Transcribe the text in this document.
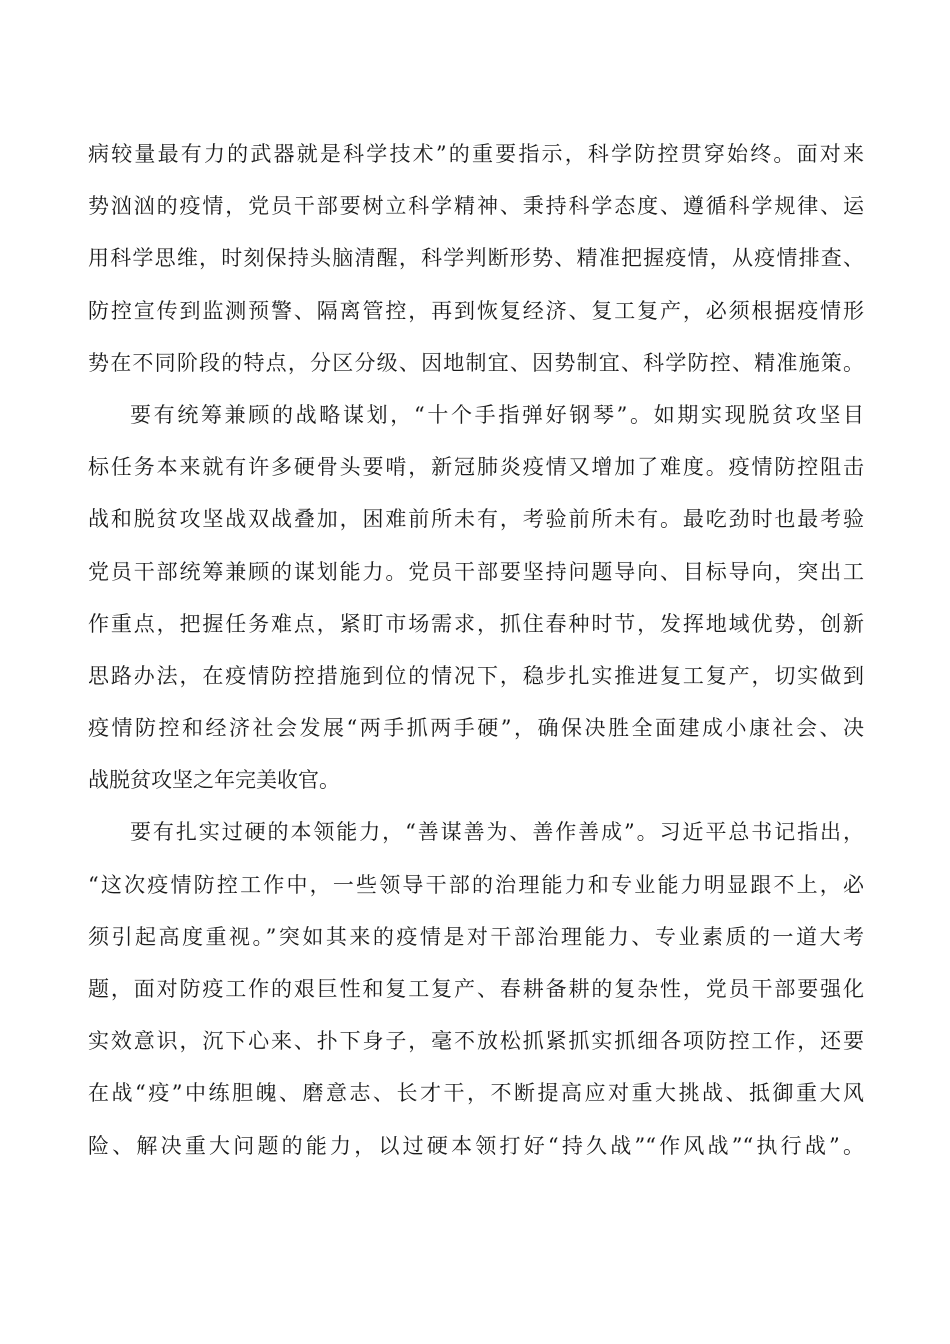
病较量最有力的武器就是科学技术”的重要指示，科学防控贯穿始终。面对来
势汹汹的疫情，党员干部要树立科学精神、秉持科学态度、遵循科学规律、运
用科学思维，时刻保持头脑清醒，科学判断形势、精准把握疫情，从疫情排查、
防控宣传到监测预警、隔离管控，再到恢复经济、复工复产，必须根据疫情形
势在不同阶段的特点，分区分级、因地制宜、因势制宜、科学防控、精准施策。
要有统筹兼顾的战略谋划，“十个手指弹好钢琴”。如期实现脱贫攻坚目
标任务本来就有许多硬骨头要啃，新冠肺炎疫情又增加了难度。疫情防控阻击
战和脱贫攻坚战双战叠加，困难前所未有，考验前所未有。最吃劲时也最考验
党员干部统筹兼顾的谋划能力。党员干部要坚持问题导向、目标导向，突出工
作重点，把握任务难点，紧盯市场需求，抓住春种时节，发挥地域优势，创新
思路办法，在疫情防控措施到位的情况下，稳步扎实推进复工复产，切实做到
疫情防控和经济社会发展“两手抓两手硬”，确保决胜全面建成小康社会、决
战脱贫攻坚之年完美收官。
要有扎实过硬的本领能力，“善谋善为、善作善成”。习近平总书记指出，
“这次疫情防控工作中，一些领导干部的治理能力和专业能力明显跟不上，必
须引起高度重视。”突如其来的疫情是对干部治理能力、专业素质的一道大考
题，面对防疫工作的艰巨性和复工复产、春耕备耕的复杂性，党员干部要强化
实效意识，沉下心来、扑下身子，毫不放松抓紧抓实抓细各项防控工作，还要
在战“疫”中练胆魄、磨意志、长才干，不断提高应对重大挑战、抵御重大风
险、解决重大问题的能力，以过硬本领打好“持久战”“作风战”“执行战”。
